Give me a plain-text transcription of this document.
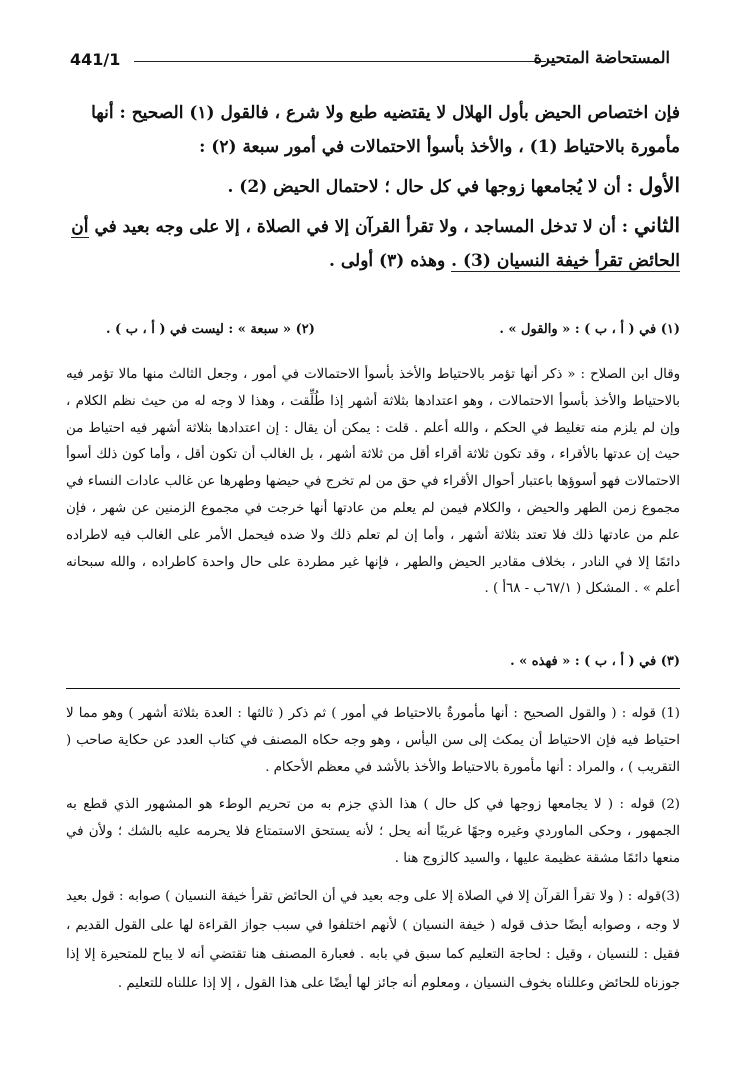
441/1	المستحاضة المتحيرة

فإن اختصاص الحيض بأول الهلال لا يقتضيه طبع ولا شرع ، فالقول (١) الصحيح : أنها مأمورة بالاحتياط (1) ، والأخذ بأسوأ الاحتمالات في أمور سبعة (٢) :

الأول : أن لا يُجامعها زوجها في كل حال ؛ لاحتمال الحيض (2) .

الثاني : أن لا تدخل المساجد ، ولا تقرأ القرآن إلا في الصلاة ، إلا على وجه بعيد في أن الحائض تقرأ خيفة النسيان (3) . وهذه (٣) أولى .

(١) في ( أ ، ب ) : « والقول » .
(٢) « سبعة » : ليست في ( أ ، ب ) .

وقال ابن الصلاح : « ذكر أنها تؤمر بالاحتياط والأخذ بأسوأ الاحتمالات في أمور ، وجعل الثالث منها مالا تؤمر فيه بالاحتياط والأخذ بأسوأ الاحتمالات ، وهو اعتدادها بثلاثة أشهر إذا طُلِّقت ، وهذا لا وجه له من حيث نظم الكلام ، وإن لم يلزم منه تغليط في الحكم ، والله أعلم . قلت : يمكن أن يقال : إن اعتدادها بثلاثة أشهر فيه احتياط من حيث إن عدتها بالأقراء ، وقد تكون ثلاثة أقراء أقل من ثلاثة أشهر ، بل الغالب أن تكون أقل ، وأما كون ذلك أسوأ الاحتمالات فهو أسوؤها باعتبار أحوال الأقراء في حق من لم تخرج في حيضها وطهرها عن غالب عادات النساء في مجموع زمن الطهر والحيض ، والكلام فيمن لم يعلم من عادتها أنها خرجت في مجموع الزمنين عن شهر ، فإن علم من عادتها ذلك فلا تعتد بثلاثة أشهر ، وأما إن لم تعلم ذلك ولا ضده فيحمل الأمر على الغالب فيه لاطراده دائمًا إلا في النادر ، بخلاف مقادير الحيض والطهر ، فإنها غير مطردة على حال واحدة كاطراده ، والله سبحانه أعلم » . المشكل ( ٦٧/١ب - ٦٨أ ) .

(٣) في ( أ ، ب ) : « فهذه » .

(1) قوله : ( والقول الصحيح : أنها مأمورةٌ بالاحتياط في أمور ) ثم ذكر ( ثالثها : العدة بثلاثة أشهر ) وهو مما لا احتياط فيه فإن الاحتياط أن يمكث إلى سن اليأس ، وهو وجه حكاه المصنف في كتاب العدد عن حكاية صاحب ( التقريب ) ، والمراد : أنها مأمورة بالاحتياط والأخذ بالأشد في معظم الأحكام .

(2) قوله : ( لا يجامعها زوجها في كل حال ) هذا الذي جزم به من تحريم الوطء هو المشهور الذي قطع به الجمهور ، وحكى الماوردي وغيره وجهًا غريبًا أنه يحل ؛ لأنه يستحق الاستمتاع فلا يحرمه عليه بالشك ؛ ولأن في منعها دائمًا مشقة عظيمة عليها ، والسيد كالزوج هنا .

(3)قوله : ( ولا تقرأ القرآن إلا في الصلاة إلا على وجه بعيد في أن الحائض تقرأ خيفة النسيان ) صوابه : قول بعيد لا وجه ، وصوابه أيضًا حذف قوله ( خيفة النسيان ) لأنهم اختلفوا في سبب جواز القراءة لها على القول القديم ، فقيل : للنسيان ، وقيل : لحاجة التعليم كما سبق في بابه . فعبارة المصنف هنا تقتضي أنه لا يباح للمتحيرة إلا إذا جوزناه للحائض وعللناه بخوف النسيان ، ومعلوم أنه جائز لها أيضًا على هذا القول ، إلا إذا عللناه للتعليم .
